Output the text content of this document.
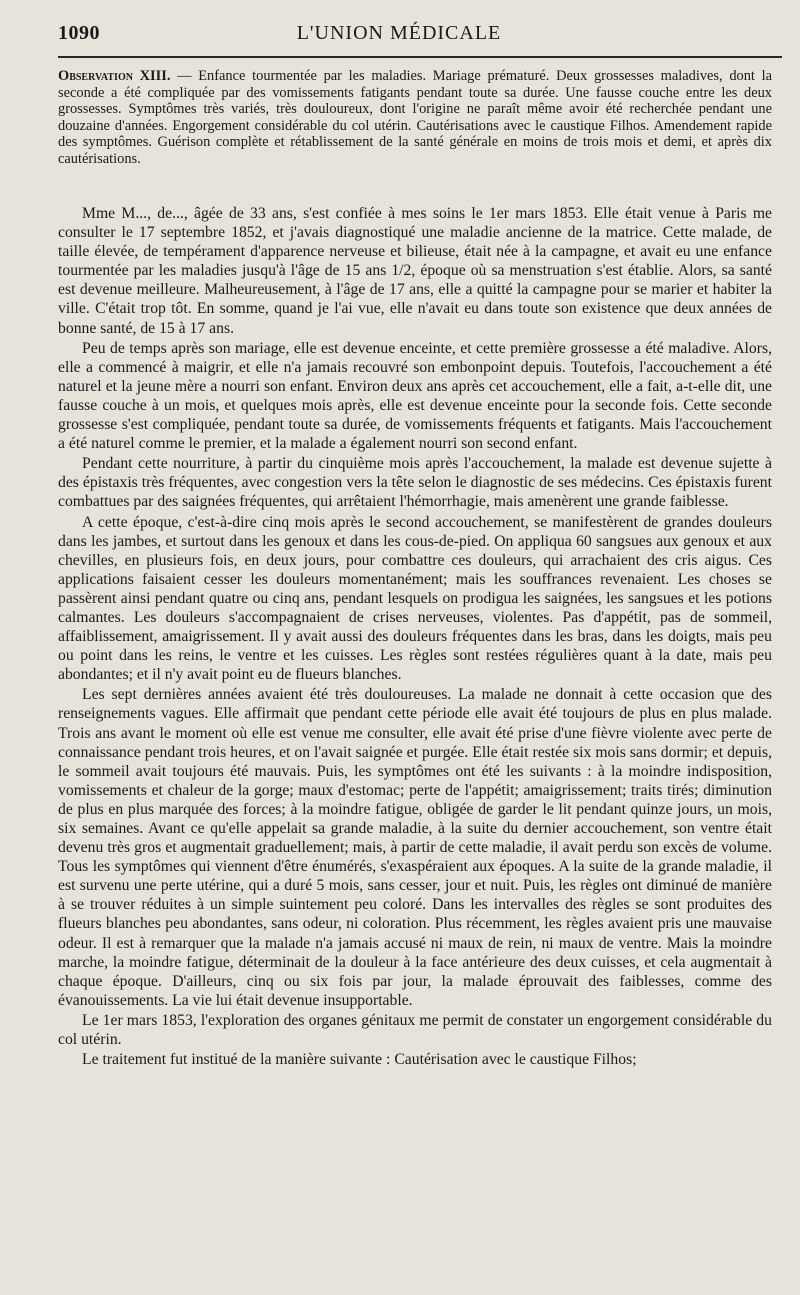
1090	L'UNION MÉDICALE
Observation XIII. — Enfance tourmentée par les maladies. Mariage prématuré. Deux grossesses maladives, dont la seconde a été compliquée par des vomissements fatigants pendant toute sa durée. Une fausse couche entre les deux grossesses. Symptômes très variés, très douloureux, dont l'origine ne paraît même avoir été recherchée pendant une douzaine d'années. Engorgement considérable du col utérin. Cautérisations avec le caustique Filhos. Amendement rapide des symptômes. Guérison complète et rétablissement de la santé générale en moins de trois mois et demi, et après dix cautérisations.

Mme M..., de..., âgée de 33 ans, s'est confiée à mes soins le 1er mars 1853. Elle était venue à Paris me consulter le 17 septembre 1852, et j'avais diagnostiqué une maladie ancienne de la matrice. Cette malade, de taille élevée, de tempérament d'apparence nerveuse et bilieuse, était née à la campagne, et avait eu une enfance tourmentée par les maladies jusqu'à l'âge de 15 ans 1/2, époque où sa menstruation s'est établie. Alors, sa santé est devenue meilleure. Malheureusement, à l'âge de 17 ans, elle a quitté la campagne pour se marier et habiter la ville. C'était trop tôt. En somme, quand je l'ai vue, elle n'avait eu dans toute son existence que deux années de bonne santé, de 15 à 17 ans.

Peu de temps après son mariage, elle est devenue enceinte, et cette première grossesse a été maladive. Alors, elle a commencé à maigrir, et elle n'a jamais recouvré son embonpoint depuis. Toutefois, l'accouchement a été naturel et la jeune mère a nourri son enfant. Environ deux ans après cet accouchement, elle a fait, a-t-elle dit, une fausse couche à un mois, et quelques mois après, elle est devenue enceinte pour la seconde fois. Cette seconde grossesse s'est compliquée, pendant toute sa durée, de vomissements fréquents et fatigants. Mais l'accouchement a été naturel comme le premier, et la malade a également nourri son second enfant.

Pendant cette nourriture, à partir du cinquième mois après l'accouchement, la malade est devenue sujette à des épistaxis très fréquentes, avec congestion vers la tête selon le diagnostic de ses médecins. Ces épistaxis furent combattues par des saignées fréquentes, qui arrêtaient l'hémorrhagie, mais amenèrent une grande faiblesse.

A cette époque, c'est-à-dire cinq mois après le second accouchement, se manifestèrent de grandes douleurs dans les jambes, et surtout dans les genoux et dans les cous-de-pied. On appliqua 60 sangsues aux genoux et aux chevilles, en plusieurs fois, en deux jours, pour combattre ces douleurs, qui arrachaient des cris aigus. Ces applications faisaient cesser les douleurs momentanément; mais les souffrances revenaient. Les choses se passèrent ainsi pendant quatre ou cinq ans, pendant lesquels on prodigua les saignées, les sangsues et les potions calmantes. Les douleurs s'accompagnaient de crises nerveuses, violentes. Pas d'appétit, pas de sommeil, affaiblissement, amaigrissement. Il y avait aussi des douleurs fréquentes dans les bras, dans les doigts, mais peu ou point dans les reins, le ventre et les cuisses. Les règles sont restées régulières quant à la date, mais peu abondantes; et il n'y avait point eu de flueurs blanches.

Les sept dernières années avaient été très douloureuses. La malade ne donnait à cette occasion que des renseignements vagues. Elle affirmait que pendant cette période elle avait été toujours de plus en plus malade. Trois ans avant le moment où elle est venue me consulter, elle avait été prise d'une fièvre violente avec perte de connaissance pendant trois heures, et on l'avait saignée et purgée. Elle était restée six mois sans dormir; et depuis, le sommeil avait toujours été mauvais. Puis, les symptômes ont été les suivants : à la moindre indisposition, vomissements et chaleur de la gorge; maux d'estomac; perte de l'appétit; amaigrissement; traits tirés; diminution de plus en plus marquée des forces; à la moindre fatigue, obligée de garder le lit pendant quinze jours, un mois, six semaines. Avant ce qu'elle appelait sa grande maladie, à la suite du dernier accouchement, son ventre était devenu très gros et augmentait graduellement; mais, à partir de cette maladie, il avait perdu son excès de volume. Tous les symptômes qui viennent d'être énumérés, s'exaspéraient aux époques. A la suite de la grande maladie, il est survenu une perte utérine, qui a duré 5 mois, sans cesser, jour et nuit. Puis, les règles ont diminué de manière à se trouver réduites à un simple suintement peu coloré. Dans les intervalles des règles se sont produites des flueurs blanches peu abondantes, sans odeur, ni coloration. Plus récemment, les règles avaient pris une mauvaise odeur. Il est à remarquer que la malade n'a jamais accusé ni maux de rein, ni maux de ventre. Mais la moindre marche, la moindre fatigue, déterminait de la douleur à la face antérieure des deux cuisses, et cela augmentait à chaque époque. D'ailleurs, cinq ou six fois par jour, la malade éprouvait des faiblesses, comme des évanouissements. La vie lui était devenue insupportable.

Le 1er mars 1853, l'exploration des organes génitaux me permit de constater un engorgement considérable du col utérin.

Le traitement fut institué de la manière suivante : Cautérisation avec le caustique Filhos;
